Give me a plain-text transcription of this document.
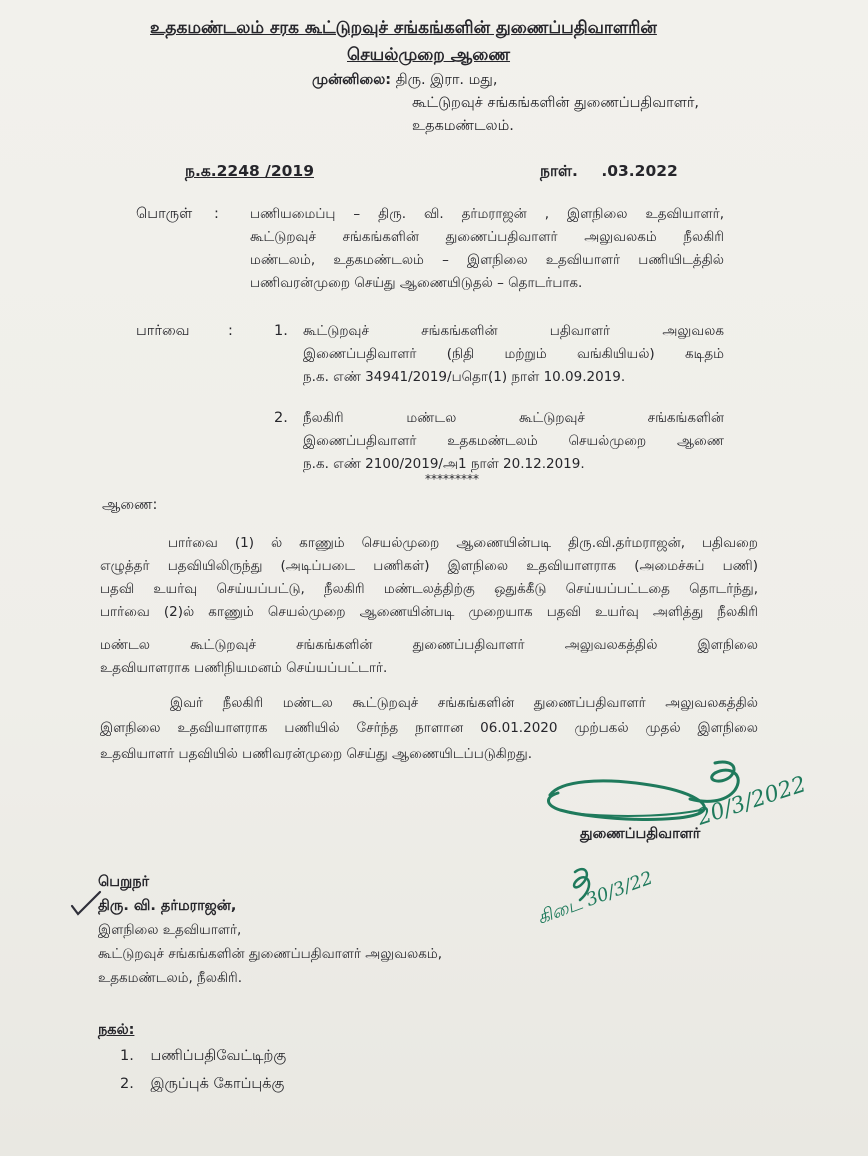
உதகமண்டலம் சரக கூட்டுறவுச் சங்கங்களின் துணைப்பதிவாளரின்
செயல்முறை ஆணை
முன்னிலை: திரு. இரா. மது,
கூட்டுறவுச் சங்கங்களின் துணைப்பதிவாளர்,
உதகமண்டலம்.
ந.க.2248 /2019	நாள். .03.2022
பொருள் : பணியமைப்பு – திரு. வி. தர்மராஜன் , இளநிலை உதவியாளர்,
கூட்டுறவுச் சங்கங்களின் துணைப்பதிவாளர் அலுவலகம் நீலகிரி
மண்டலம், உதகமண்டலம் – இளநிலை உதவியாளர் பணியிடத்தில்
பணிவரன்முறை செய்து ஆணையிடுதல் – தொடர்பாக.
பார்வை	:	1. கூட்டுறவுச் சங்கங்களின் பதிவாளர் அலுவலக
இணைப்பதிவாளர் (நிதி மற்றும் வங்கியியல்) கடிதம்
ந.க. எண் 34941/2019/பதொ(1) நாள் 10.09.2019.
2. நீலகிரி மண்டல கூட்டுறவுச் சங்கங்களின்
இணைப்பதிவாளர் உதகமண்டலம் செயல்முறை ஆணை
ந.க. எண் 2100/2019/அ1 நாள் 20.12.2019.
*********
ஆணை:
பார்வை (1) ல் காணும் செயல்முறை ஆணையின்படி திரு.வி.தர்மராஜன், பதிவறை
எழுத்தர் பதவியிலிருந்து (அடிப்படை பணிகள்) இளநிலை உதவியாளராக (அமைச்சுப் பணி)
பதவி உயர்வு செய்யப்பட்டு, நீலகிரி மண்டலத்திற்கு ஒதுக்கீடு செய்யப்பட்டதை தொடர்ந்து,
பார்வை (2)ல் காணும் செயல்முறை ஆணையின்படி முறையாக பதவி உயர்வு அளித்து நீலகிரி
மண்டல கூட்டுறவுச் சங்கங்களின் துணைப்பதிவாளர் அலுவலகத்தில் இளநிலை
உதவியாளராக பணிநியமனம் செய்யப்பட்டார்.
இவர் நீலகிரி மண்டல கூட்டுறவுச் சங்கங்களின் துணைப்பதிவாளர் அலுவலகத்தில்
இளநிலை உதவியாளராக பணியில் சேர்ந்த நாளான 06.01.2020 முற்பகல் முதல் இளநிலை
உதவியாளர் பதவியில் பணிவரன்முறை செய்து ஆணையிடப்படுகிறது.
20/3/2022
துணைப்பதிவாளர்
கிடை 30/3/22
பெறுநர்
திரு. வி. தர்மராஜன்,
இளநிலை உதவியாளர்,
கூட்டுறவுச் சங்கங்களின் துணைப்பதிவாளர் அலுவலகம்,
உதகமண்டலம், நீலகிரி.
நகல்:
1. பணிப்பதிவேட்டிற்கு
2. இருப்புக் கோப்புக்கு
